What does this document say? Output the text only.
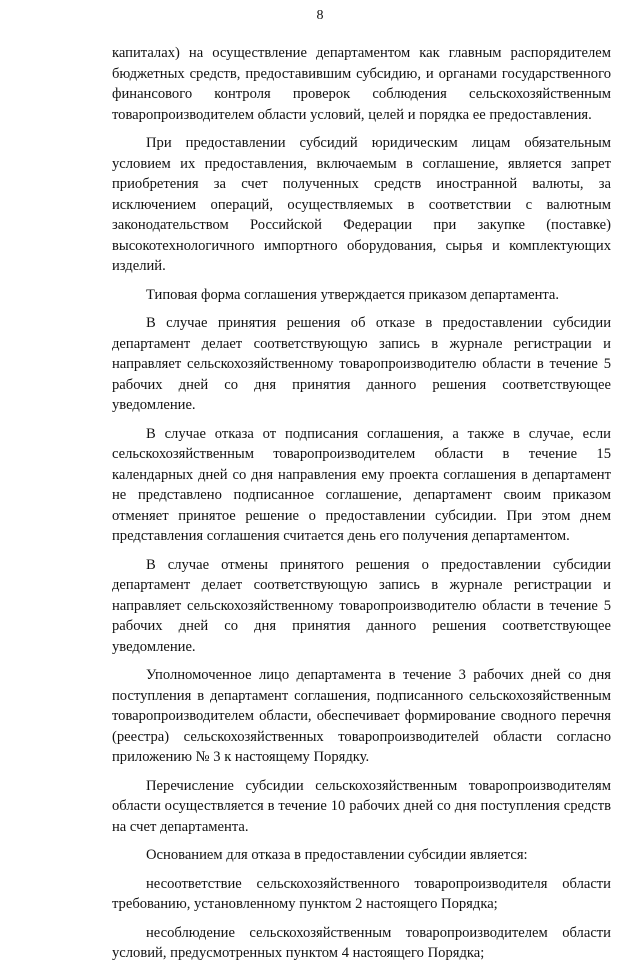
8

капиталах) на осуществление департаментом как главным распорядителем бюджетных средств, предоставившим субсидию, и органами государственного финансового контроля проверок соблюдения сельскохозяйственным товаропроизводителем области условий, целей и порядка ее предоставления.

При предоставлении субсидий юридическим лицам обязательным условием их предоставления, включаемым в соглашение, является запрет приобретения за счет полученных средств иностранной валюты, за исключением операций, осуществляемых в соответствии с валютным законодательством Российской Федерации при закупке (поставке) высокотехнологичного импортного оборудования, сырья и комплектующих изделий.

Типовая форма соглашения утверждается приказом департамента.

В случае принятия решения об отказе в предоставлении субсидии департамент делает соответствующую запись в журнале регистрации и направляет сельскохозяйственному товаропроизводителю области в течение 5 рабочих дней со дня принятия данного решения соответствующее уведомление.

В случае отказа от подписания соглашения, а также в случае, если сельскохозяйственным товаропроизводителем области в течение 15 календарных дней со дня направления ему проекта соглашения в департамент не представлено подписанное соглашение, департамент своим приказом отменяет принятое решение о предоставлении субсидии. При этом днем представления соглашения считается день его получения департаментом.

В случае отмены принятого решения о предоставлении субсидии департамент делает соответствующую запись в журнале регистрации и направляет сельскохозяйственному товаропроизводителю области в течение 5 рабочих дней со дня принятия данного решения соответствующее уведомление.

Уполномоченное лицо департамента в течение 3 рабочих дней со дня поступления в департамент соглашения, подписанного сельскохозяйственным товаропроизводителем области, обеспечивает формирование сводного перечня (реестра) сельскохозяйственных товаропроизводителей области согласно приложению № 3 к настоящему Порядку.

Перечисление субсидии сельскохозяйственным товаропроизводителям области осуществляется в течение 10 рабочих дней со дня поступления средств на счет департамента.

Основанием для отказа в предоставлении субсидии является:

несоответствие сельскохозяйственного товаропроизводителя области требованию, установленному пунктом 2 настоящего Порядка;

несоблюдение сельскохозяйственным товаропроизводителем области условий, предусмотренных пунктом 4 настоящего Порядка;
